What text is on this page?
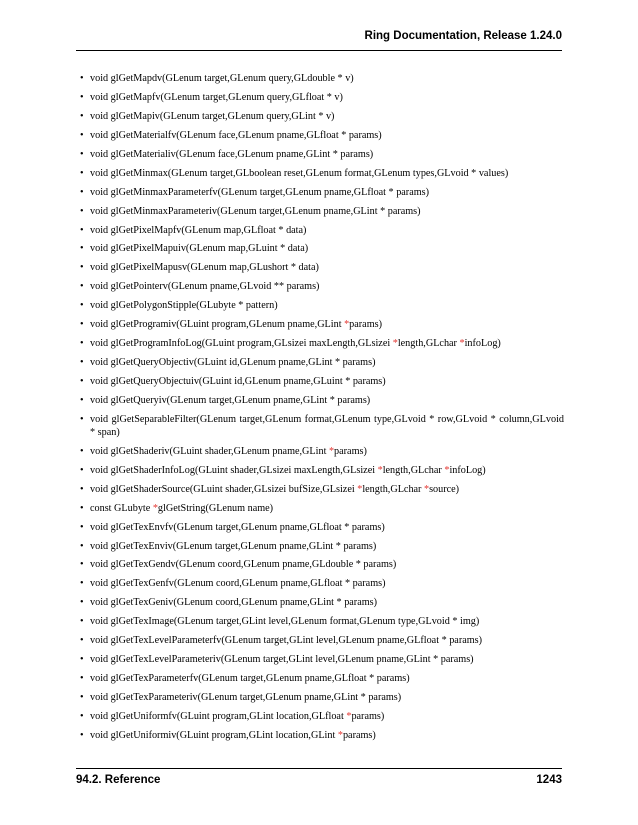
Ring Documentation, Release 1.24.0
• void glGetMapdv(GLenum target,GLenum query,GLdouble * v)
• void glGetMapfv(GLenum target,GLenum query,GLfloat * v)
• void glGetMapiv(GLenum target,GLenum query,GLint * v)
• void glGetMaterialfv(GLenum face,GLenum pname,GLfloat * params)
• void glGetMaterialiv(GLenum face,GLenum pname,GLint * params)
• void glGetMinmax(GLenum target,GLboolean reset,GLenum format,GLenum types,GLvoid * values)
• void glGetMinmaxParameterfv(GLenum target,GLenum pname,GLfloat * params)
• void glGetMinmaxParameteriv(GLenum target,GLenum pname,GLint * params)
• void glGetPixelMapfv(GLenum map,GLfloat * data)
• void glGetPixelMapuiv(GLenum map,GLuint * data)
• void glGetPixelMapusv(GLenum map,GLushort * data)
• void glGetPointerv(GLenum pname,GLvoid ** params)
• void glGetPolygonStipple(GLubyte * pattern)
• void glGetProgramiv(GLuint program,GLenum pname,GLint *params)
• void glGetProgramInfoLog(GLuint program,GLsizei maxLength,GLsizei *length,GLchar *infoLog)
• void glGetQueryObjectiv(GLuint id,GLenum pname,GLint * params)
• void glGetQueryObjectuiv(GLuint id,GLenum pname,GLuint * params)
• void glGetQueryiv(GLenum target,GLenum pname,GLint * params)
• void glGetSeparableFilter(GLenum target,GLenum format,GLenum type,GLvoid * row,GLvoid * column,GLvoid * span)
• void glGetShaderiv(GLuint shader,GLenum pname,GLint *params)
• void glGetShaderInfoLog(GLuint shader,GLsizei maxLength,GLsizei *length,GLchar *infoLog)
• void glGetShaderSource(GLuint shader,GLsizei bufSize,GLsizei *length,GLchar *source)
• const GLubyte *glGetString(GLenum name)
• void glGetTexEnvfv(GLenum target,GLenum pname,GLfloat * params)
• void glGetTexEnviv(GLenum target,GLenum pname,GLint * params)
• void glGetTexGendv(GLenum coord,GLenum pname,GLdouble * params)
• void glGetTexGenfv(GLenum coord,GLenum pname,GLfloat * params)
• void glGetTexGeniv(GLenum coord,GLenum pname,GLint * params)
• void glGetTexImage(GLenum target,GLint level,GLenum format,GLenum type,GLvoid * img)
• void glGetTexLevelParameterfv(GLenum target,GLint level,GLenum pname,GLfloat * params)
• void glGetTexLevelParameteriv(GLenum target,GLint level,GLenum pname,GLint * params)
• void glGetTexParameterfv(GLenum target,GLenum pname,GLfloat * params)
• void glGetTexParameteriv(GLenum target,GLenum pname,GLint * params)
• void glGetUniformfv(GLuint program,GLint location,GLfloat *params)
• void glGetUniformiv(GLuint program,GLint location,GLint *params)
94.2. Reference	1243
